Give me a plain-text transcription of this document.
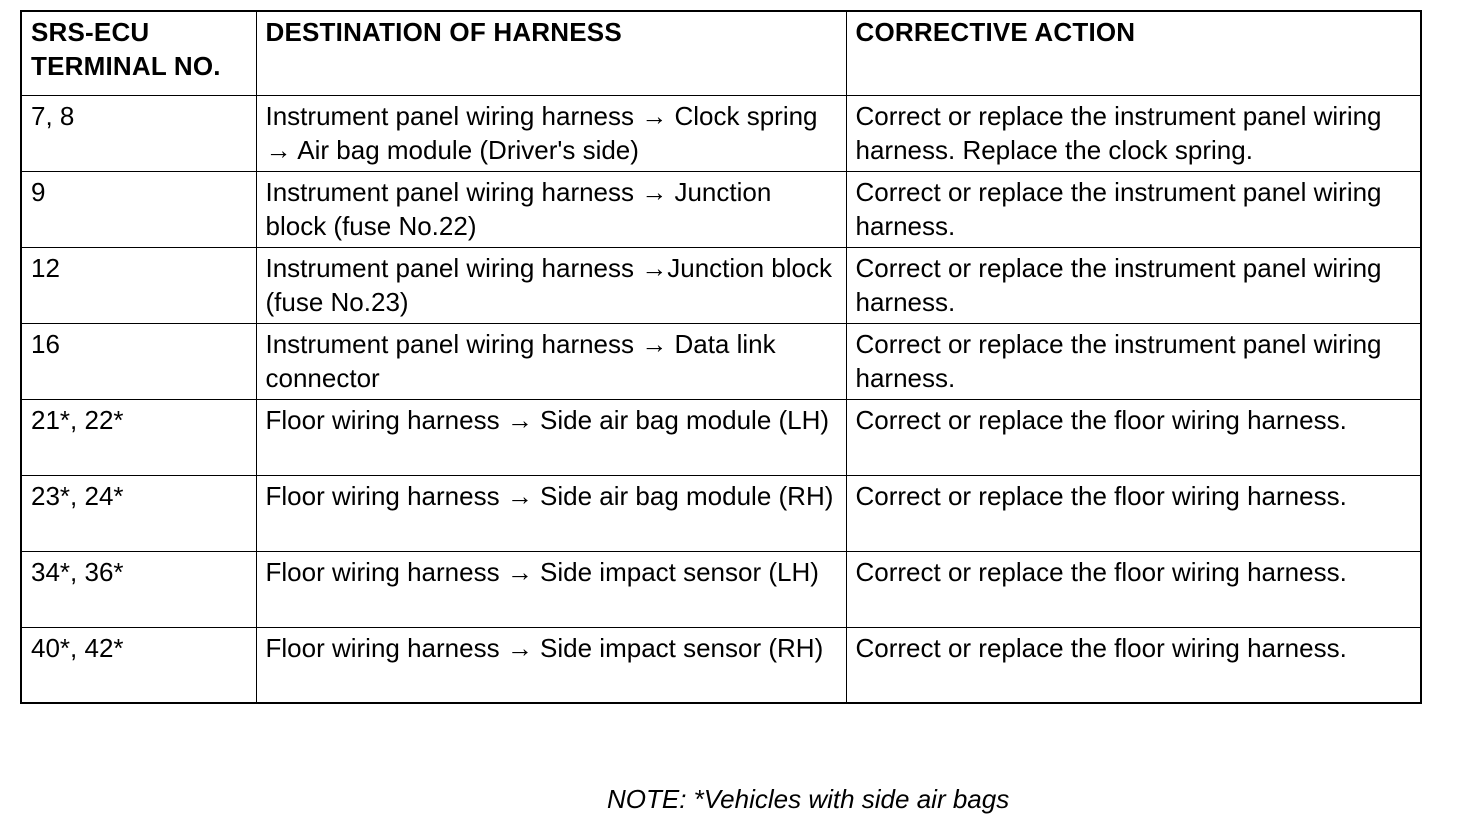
SRS-ECU TERMINAL NO.	DESTINATION OF HARNESS	CORRECTIVE ACTION
7, 8	Instrument panel wiring harness → Clock spring → Air bag module (Driver's side)	Correct or replace the instrument panel wiring harness. Replace the clock spring.
9	Instrument panel wiring harness → Junction block (fuse No.22)	Correct or replace the instrument panel wiring harness.
12	Instrument panel wiring harness →Junction block (fuse No.23)	Correct or replace the instrument panel wiring harness.
16	Instrument panel wiring harness → Data link connector	Correct or replace the instrument panel wiring harness.
21*, 22*	Floor wiring harness → Side air bag module (LH)	Correct or replace the floor wiring harness.
23*, 24*	Floor wiring harness → Side air bag module (RH)	Correct or replace the floor wiring harness.
34*, 36*	Floor wiring harness → Side impact sensor (LH)	Correct or replace the floor wiring harness.
40*, 42*	Floor wiring harness → Side impact sensor (RH)	Correct or replace the floor wiring harness.
NOTE: *Vehicles with side air bags
